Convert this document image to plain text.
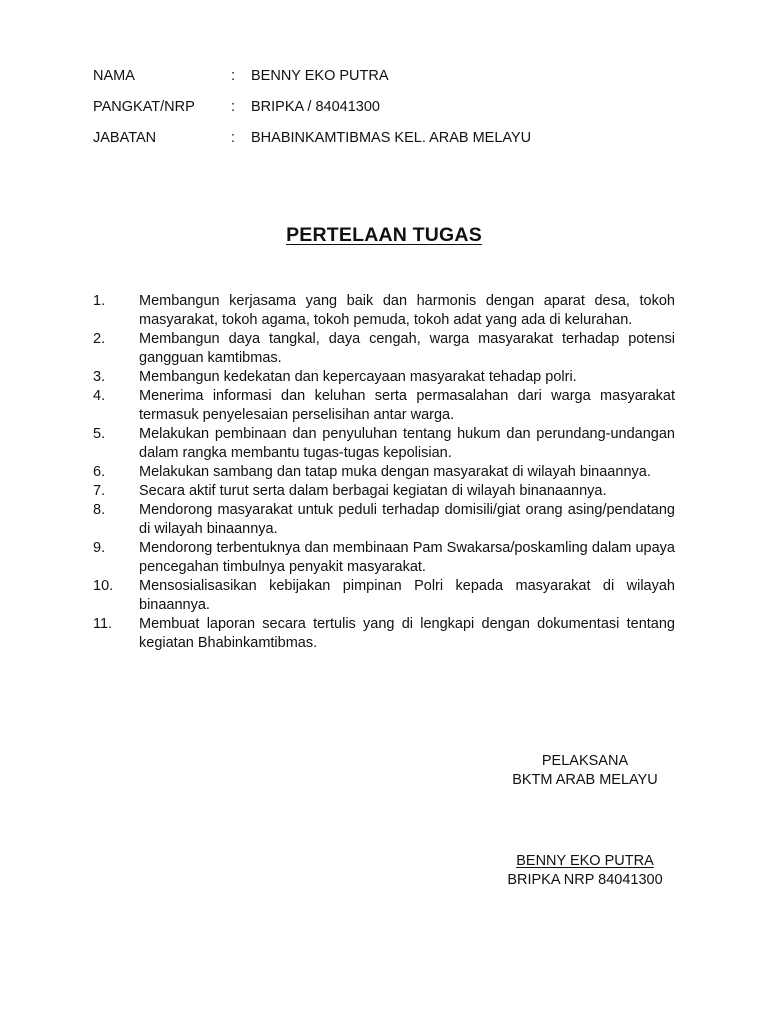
NAMA	:	BENNY EKO PUTRA
PANGKAT/NRP	:	BRIPKA / 84041300
JABATAN	:	BHABINKAMTIBMAS KEL. ARAB MELAYU
PERTELAAN TUGAS
1.	Membangun kerjasama yang baik dan harmonis dengan aparat desa, tokoh masyarakat, tokoh agama, tokoh pemuda, tokoh adat yang ada di kelurahan.
2.	Membangun daya tangkal, daya cengah, warga masyarakat terhadap potensi gangguan kamtibmas.
3.	Membangun kedekatan dan kepercayaan masyarakat tehadap polri.
4.	Menerima informasi dan keluhan serta permasalahan dari warga masyarakat termasuk penyelesaian perselisihan antar warga.
5.	Melakukan pembinaan dan penyuluhan tentang hukum dan perundang-undangan dalam rangka membantu tugas-tugas kepolisian.
6.	Melakukan sambang dan tatap muka dengan masyarakat di wilayah binaannya.
7.	Secara aktif turut serta dalam berbagai kegiatan di wilayah binanaannya.
8.	Mendorong masyarakat untuk peduli terhadap domisili/giat orang asing/pendatang di wilayah binaannya.
9.	Mendorong terbentuknya dan membinaan Pam Swakarsa/poskamling dalam upaya pencegahan timbulnya penyakit masyarakat.
10.	Mensosialisasikan kebijakan pimpinan Polri kepada masyarakat di wilayah binaannya.
11.	Membuat laporan secara tertulis yang di lengkapi dengan dokumentasi tentang kegiatan Bhabinkamtibmas.
PELAKSANA
BKTM ARAB MELAYU
BENNY EKO PUTRA
BRIPKA NRP 84041300
